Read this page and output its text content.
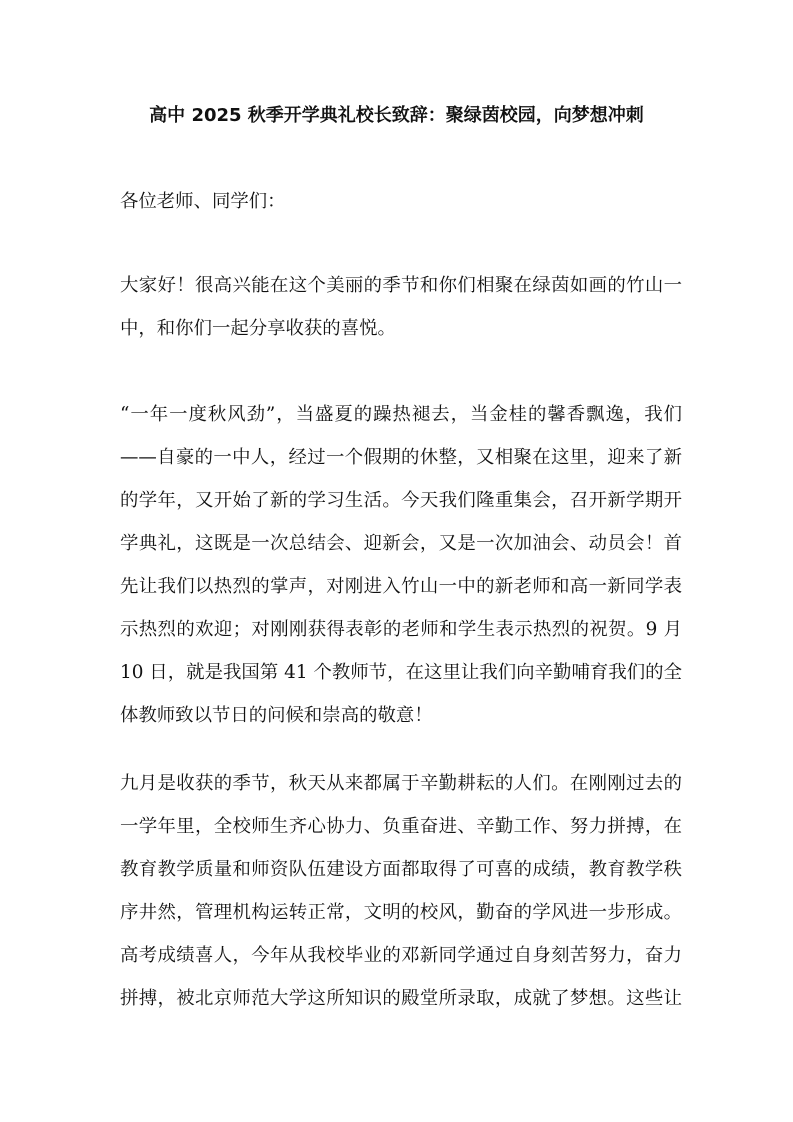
高中 2025 秋季开学典礼校长致辞：聚绿茵校园，向梦想冲刺
各位老师、同学们：
大家好！很高兴能在这个美丽的季节和你们相聚在绿茵如画的竹山一
中，和你们一起分享收获的喜悦。
“一年一度秋风劲”，当盛夏的躁热褪去，当金桂的馨香飘逸，我们
——自豪的一中人，经过一个假期的休整，又相聚在这里，迎来了新
的学年，又开始了新的学习生活。今天我们隆重集会，召开新学期开
学典礼，这既是一次总结会、迎新会，又是一次加油会、动员会！首
先让我们以热烈的掌声，对刚进入竹山一中的新老师和高一新同学表
示热烈的欢迎；对刚刚获得表彰的老师和学生表示热烈的祝贺。9 月
10 日，就是我国第 41 个教师节，在这里让我们向辛勤哺育我们的全
体教师致以节日的问候和崇高的敬意！
九月是收获的季节，秋天从来都属于辛勤耕耘的人们。在刚刚过去的
一学年里，全校师生齐心协力、负重奋进、辛勤工作、努力拼搏，在
教育教学质量和师资队伍建设方面都取得了可喜的成绩，教育教学秩
序井然，管理机构运转正常，文明的校风，勤奋的学风进一步形成。
高考成绩喜人，今年从我校毕业的邓新同学通过自身刻苦努力，奋力
拼搏，被北京师范大学这所知识的殿堂所录取，成就了梦想。这些让
